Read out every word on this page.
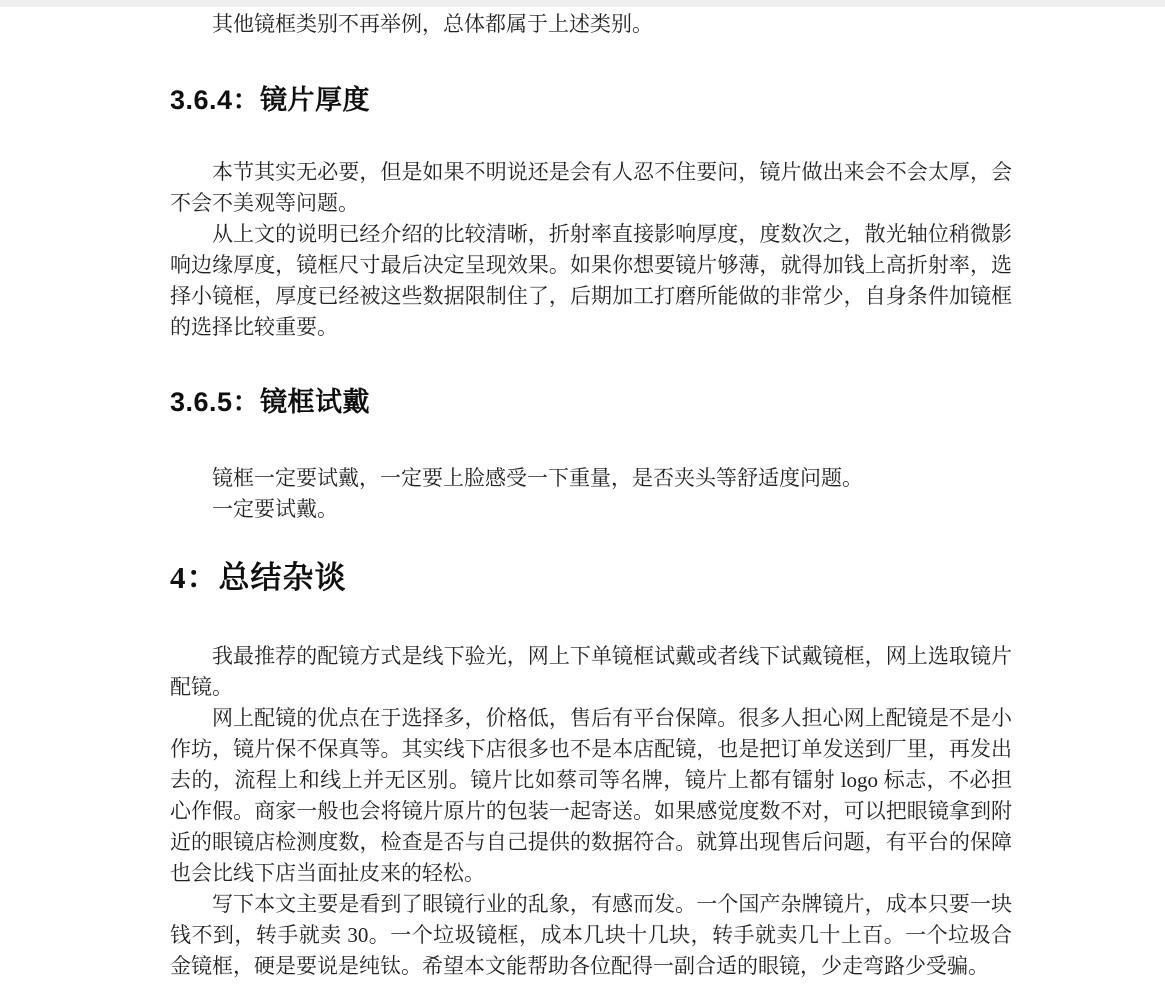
其他镜框类别不再举例，总体都属于上述类别。

3.6.4：镜片厚度

本节其实无必要，但是如果不明说还是会有人忍不住要问，镜片做出来会不会太厚，会不会不美观等问题。

从上文的说明已经介绍的比较清晰，折射率直接影响厚度，度数次之，散光轴位稍微影响边缘厚度，镜框尺寸最后决定呈现效果。如果你想要镜片够薄，就得加钱上高折射率，选择小镜框，厚度已经被这些数据限制住了，后期加工打磨所能做的非常少，自身条件加镜框的选择比较重要。

3.6.5：镜框试戴

镜框一定要试戴，一定要上脸感受一下重量，是否夹头等舒适度问题。

一定要试戴。

4：总结杂谈

我最推荐的配镜方式是线下验光，网上下单镜框试戴或者线下试戴镜框，网上选取镜片配镜。

网上配镜的优点在于选择多，价格低，售后有平台保障。很多人担心网上配镜是不是小作坊，镜片保不保真等。其实线下店很多也不是本店配镜，也是把订单发送到厂里，再发出去的，流程上和线上并无区别。镜片比如蔡司等名牌，镜片上都有镭射 logo 标志，不必担心作假。商家一般也会将镜片原片的包装一起寄送。如果感觉度数不对，可以把眼镜拿到附近的眼镜店检测度数，检查是否与自己提供的数据符合。就算出现售后问题，有平台的保障也会比线下店当面扯皮来的轻松。

写下本文主要是看到了眼镜行业的乱象，有感而发。一个国产杂牌镜片，成本只要一块钱不到，转手就卖 30。一个垃圾镜框，成本几块十几块，转手就卖几十上百。一个垃圾合金镜框，硬是要说是纯钛。希望本文能帮助各位配得一副合适的眼镜，少走弯路少受骗。
